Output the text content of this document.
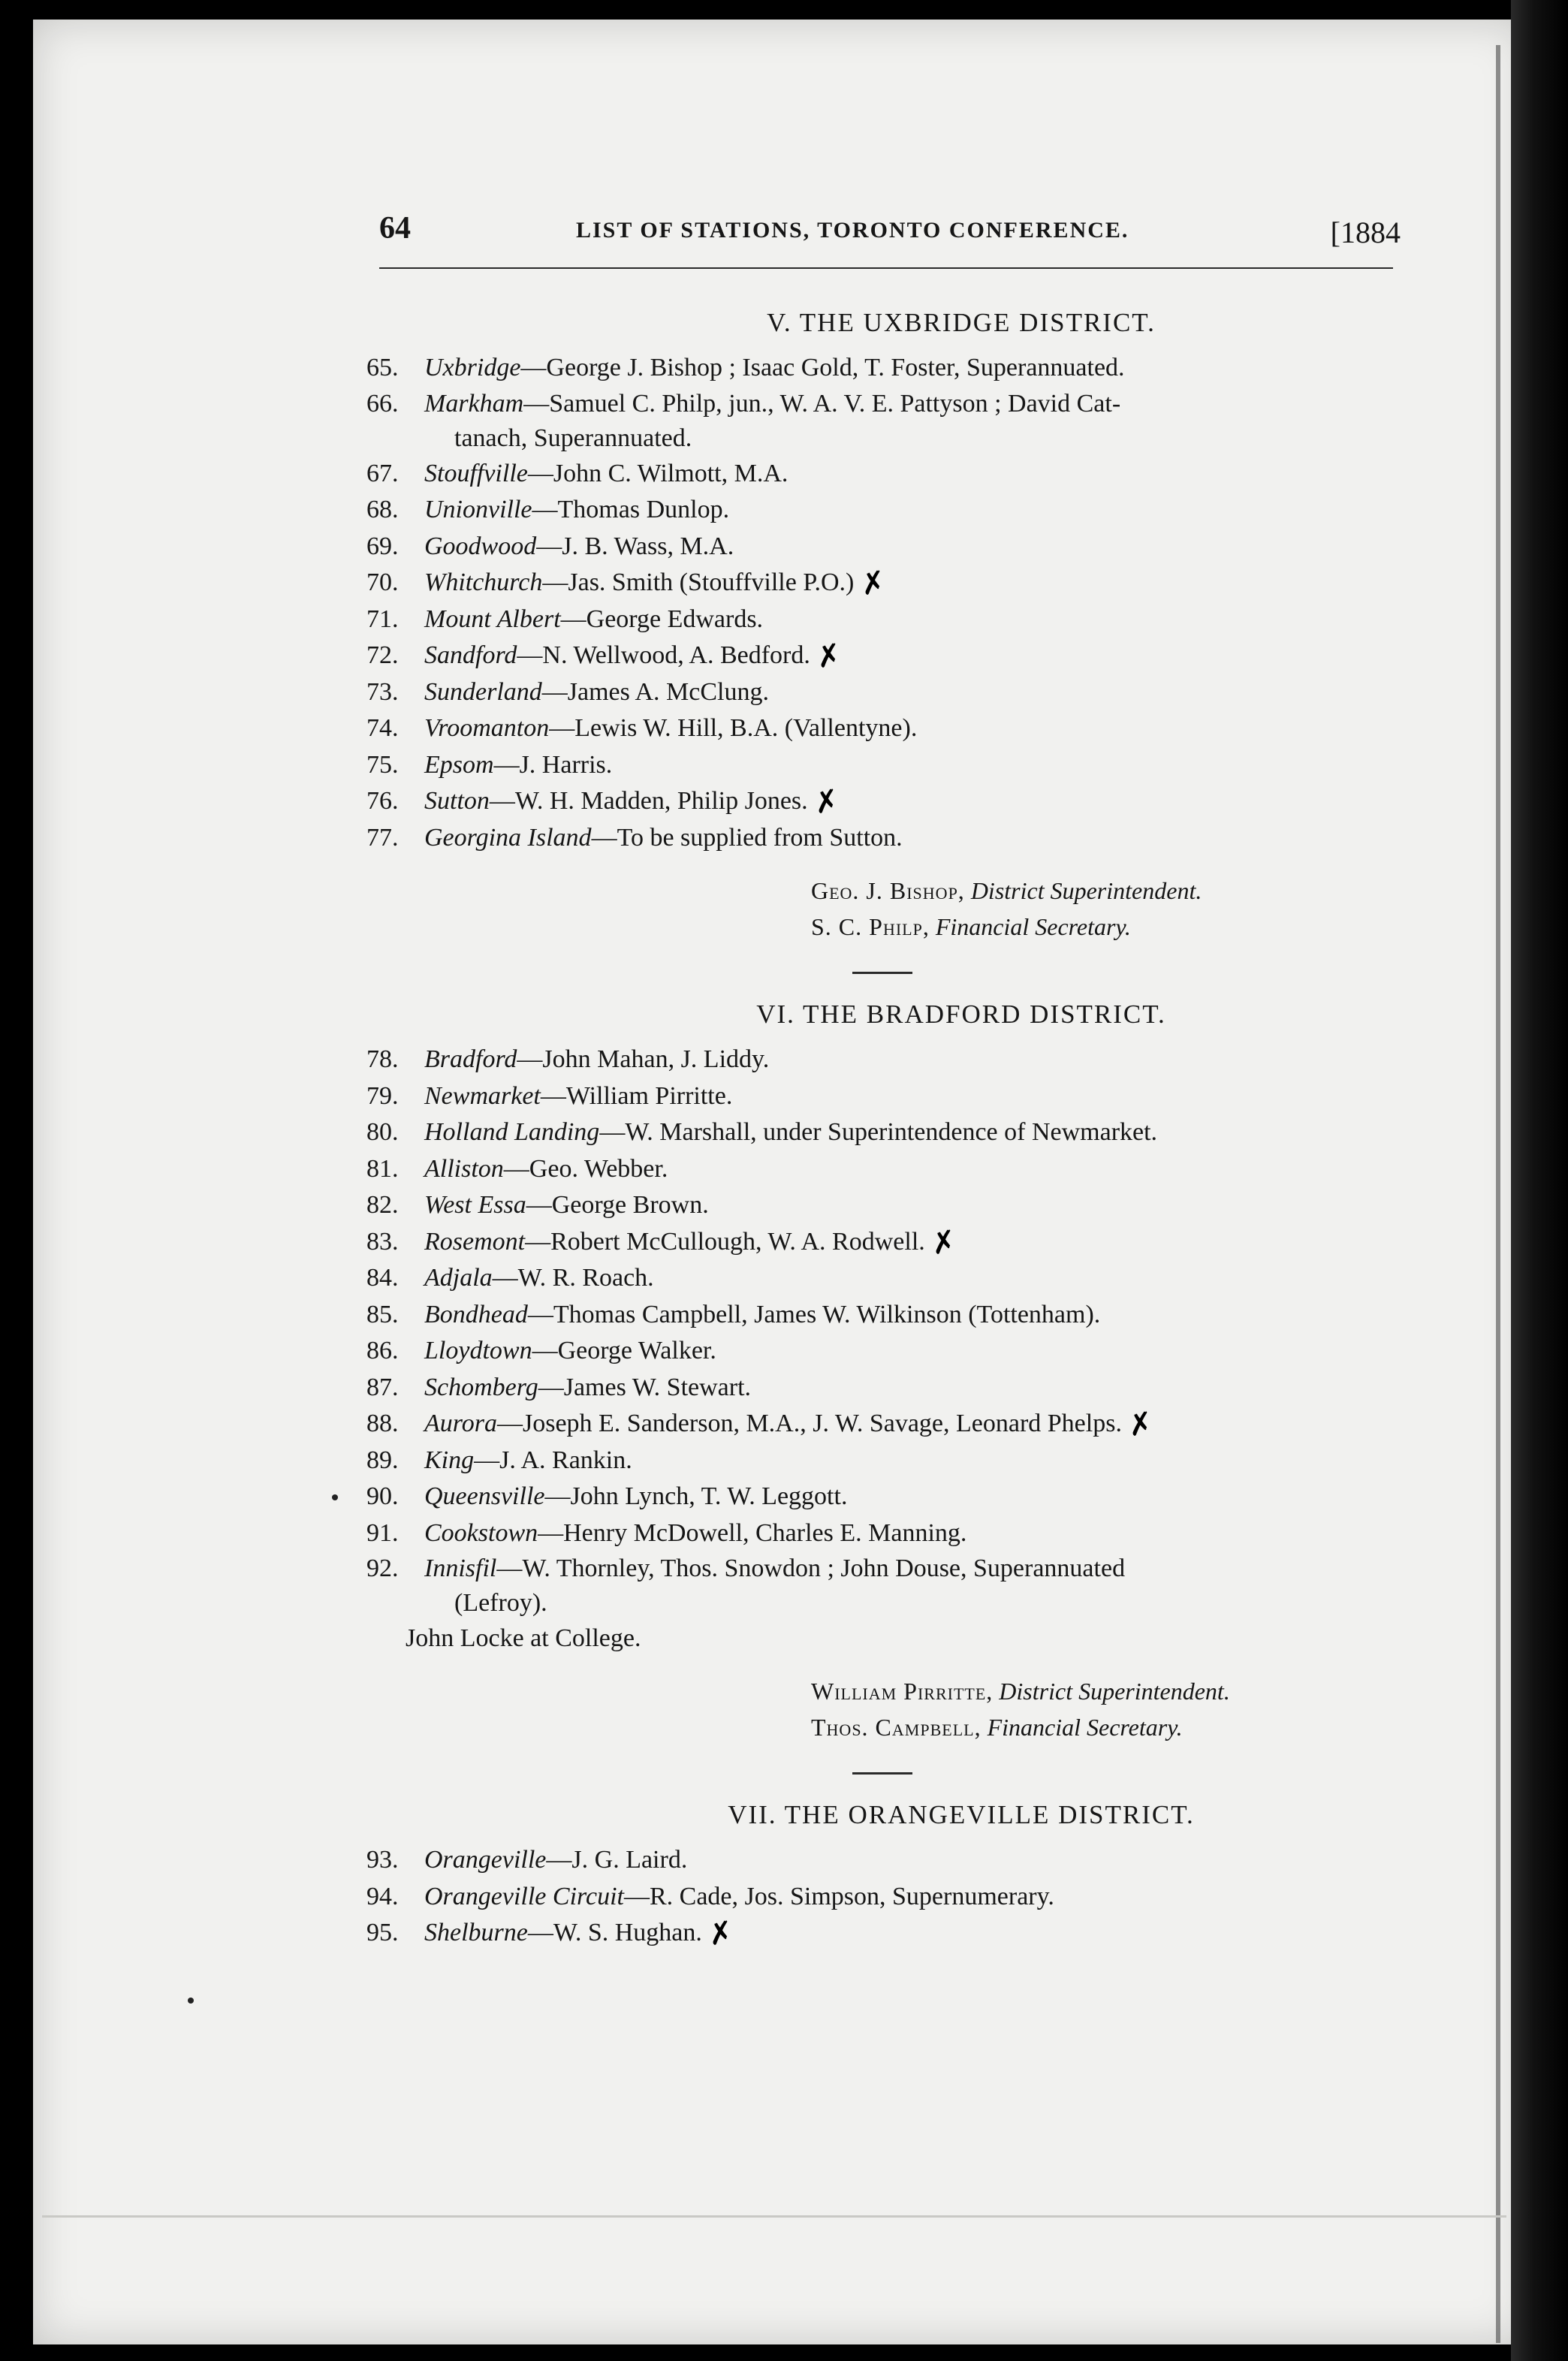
64	LIST OF STATIONS, TORONTO CONFERENCE.	[1884
V. THE UXBRIDGE DISTRICT.
65. Uxbridge—George J. Bishop ; Isaac Gold, T. Foster, Superannuated.
66. Markham—Samuel C. Philp, jun., W. A. V. E. Pattyson ; David Cat-
tanach, Superannuated.
67. Stouffville—John C. Wilmott, M.A.
68. Unionville—Thomas Dunlop.
69. Goodwood—J. B. Wass, M.A.
70. Whitchurch—Jas. Smith (Stouffville P.O.) ✗
71. Mount Albert—George Edwards.
72. Sandford—N. Wellwood, A. Bedford. ✗
73. Sunderland—James A. McClung.
74. Vroomanton—Lewis W. Hill, B.A. (Vallentyne).
75. Epsom—J. Harris.
76. Sutton—W. H. Madden, Philip Jones. ✗
77. Georgina Island—To be supplied from Sutton.
Geo. J. Bishop, District Superintendent.
S. C. Philp, Financial Secretary.
VI. THE BRADFORD DISTRICT.
78. Bradford—John Mahan, J. Liddy.
79. Newmarket—William Pirritte.
80. Holland Landing—W. Marshall, under Superintendence of Newmarket.
81. Alliston—Geo. Webber.
82. West Essa—George Brown.
83. Rosemont—Robert McCullough, W. A. Rodwell. ✗
84. Adjala—W. R. Roach.
85. Bondhead—Thomas Campbell, James W. Wilkinson (Tottenham).
86. Lloydtown—George Walker.
87. Schomberg—James W. Stewart.
88. Aurora—Joseph E. Sanderson, M.A., J. W. Savage, Leonard Phelps. ✗
89. King—J. A. Rankin.
90. Queensville—John Lynch, T. W. Leggott.
91. Cookstown—Henry McDowell, Charles E. Manning.
92. Innisfil—W. Thornley, Thos. Snowdon ; John Douse, Superannuated
(Lefroy).
John Locke at College.
William Pirritte, District Superintendent.
Thos. Campbell, Financial Secretary.
VII. THE ORANGEVILLE DISTRICT.
93. Orangeville—J. G. Laird.
94. Orangeville Circuit—R. Cade, Jos. Simpson, Supernumerary.
95. Shelburne—W. S. Hughan. ✗
